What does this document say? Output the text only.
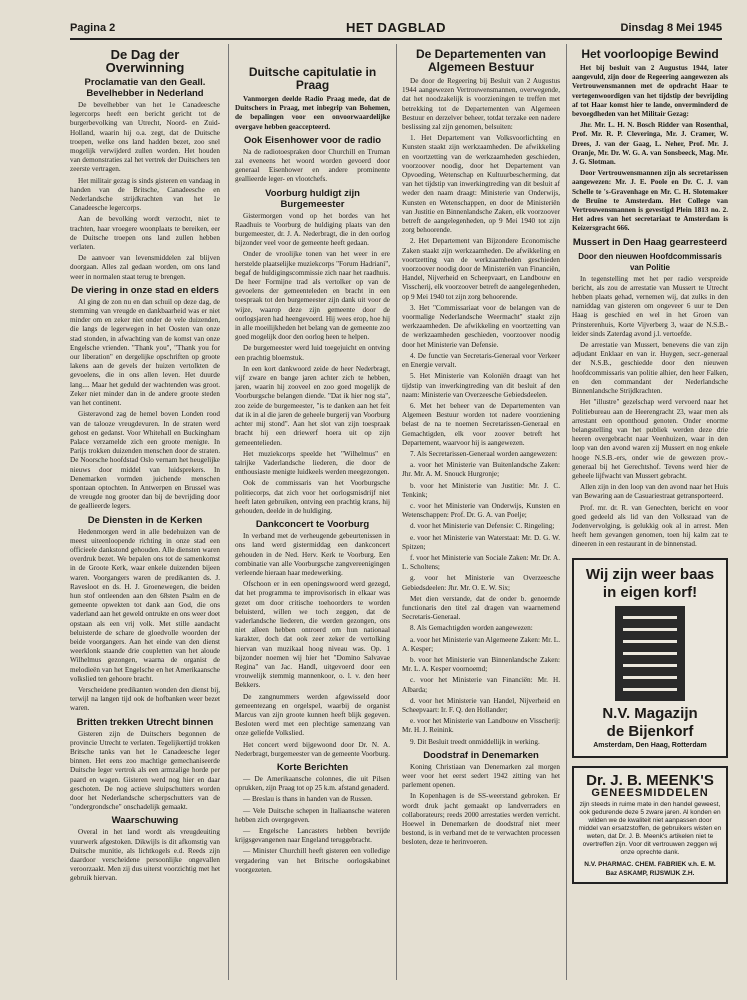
Pagina 2	HET DAGBLAD	Dinsdag 8 Mei 1945
De Dag der Overwinning
Proclamatie van den Geall. Bevelhebber in Nederland

De bevelhebber van het 1e Canadeesche legercorps heeft een bericht gericht tot de burgerbevolking van Utrecht, Noord- en Zuid-Holland, waarin hij o.a. zegt, dat de Duitsche troepen, welke ons land hadden bezet, zoo snel mogelijk verwijderd zullen worden. Het houden van demonstraties zal het vertrek der Duitschers ten zeerste vertragen.

Het militair gezag is sinds gisteren en vandaag in handen van de Britsche, Canadeesche en Nederlandsche strijdkrachten van het 1e Canadeesche legercorps.

Aan de bevolking wordt verzocht, niet te trachten, haar vroegere woonplaats te bereiken, eer de Duitsche troepen ons land zullen hebben verlaten.

De aanvoer van levensmiddelen zal blijven doorgaan. Alles zal gedaan worden, om ons land weer in normalen staat terug te brengen.

De viering in onze stad en elders

Al ging de zon nu en dan schuil op deze dag, de stemming van vreugde en dankbaarheid was er niet minder om en zeker niet onder de vele duizenden, die langs de legerwegen in het Oosten van onze stad stonden, in afwachting van de komst van onze Engelsche vrienden. "Thank you", "Thank you for our liberation" en dergelijke opschriften op groote lakens aan de gevels der huizen vertolkten de gevoelens, die in ons allen leven. Het duurde lang.... Maar het geduld der wachtenden was groot. Zeker niet minder dan in de andere groote steden van het continent.

Gisteravond zag de hemel boven Londen rood van de talooze vreugdevuren. In de straten werd gehost en gedanst. Voor Whitehall en Buckingham Palace verzamelde zich een groote menigte. In Parijs trokken duizenden menschen door de straten. De Noorsche hoofdstad Oslo vernam het heugelijke nieuws door middel van luidsprekers. In Denemarken vormden juichende menschen spontaan optochten. In Antwerpen en Brussel was de vreugde nog grooter dan bij de bevrijding door de geallieerde legers.

De Diensten in de Kerken

Hedenmorgen werd in alle bedehuizen van de meest uiteenloopende richting in onze stad een officieele dankstond gehouden. Alle diensten waren overdruk bezet. We bepalen ons tot de samenkomst in de Groote Kerk, waar enkele duizenden bijeen waren. Voorgangers waren de predikanten ds. J. Ravesloot en ds. H. J. Groenewegen, die beiden hun stof ontleenden aan den 68sten Psalm en de gemeente opwekten tot dank aan God, die ons vaderland aan het geweld ontrukte en ons weer doet opstaan als een vrij volk. Met stille aandacht beluisterde de schare de gloedvolle woorden der beide voorgangers. Aan het einde van den dienst weerklonk staande drie coupletten van het aloude Wilhelmus gezongen, waarna de organist de melodieën van het Engelsche en het Amerikaansche volkslied ten gehoore bracht.

Verscheidene predikanten wonden den dienst bij, terwijl na langen tijd ook de hofbanken weer bezet waren.

Britten trekken Utrecht binnen

Gisteren zijn de Duitschers begonnen de provincie Utrecht te verlaten. Tegelijkertijd trokken Britsche tanks van het 1e Canadeesche leger binnen. Het eens zoo machtige gemechaniseerde Duitsche leger vertrok als een armzalige horde per paard en wagen. Gisteren werd nog hier en daar geschoten. De nog actieve sluipschutters worden door het Nederlandsche scherpschutters van de "ondergrondsche" onschadelijk gemaakt.

Waarschuwing

Overal in het land wordt als vreugdeuiting vuurwerk afgestoken. Dikwijls is dit afkomstig van Duitsche munitie, als lichtkogels e.d. Reeds zijn daardoor verscheidene persoonlijke ongevallen veroorzaakt. Men zij dus uiterst voorzichtig met het gebruik hiervan.

Duitsche capitulatie in Praag

Vanmorgen deelde Radio Praag mede, dat de Duitschers in Praag, met inbegrip van Bohemen, de bepalingen voor een onvoorwaardelijke overgave hebben geaccepteerd.

Ook Eisenhower voor de radio

Na de radiotoespraken door Churchill en Truman zal eveneens het woord worden gevoerd door generaal Eisenhower en andere prominente geallieerde leger- en vlootchefs.

Voorburg huldigt zijn Burgemeester

Gistermorgen vond op het bordes van het Raadhuis te Voorburg de huldiging plaats van den burgemeester, dr. J. A. Nederbragt, die in den oorlog bijzonder veel voor de gemeente heeft gedaan.

Onder de vroolijke tonen van het weer in ere herstelde plaatselijke muziekcorps "Forum Hadriani", begaf de huldigingscommissie zich naar het raadhuis. De heer Formijne trad als vertolker op van de gevoelens der gemeenteleden en bracht in een toespraak tot den burgemeester zijn dank uit voor de wijze, waarop deze zijn gemeente door de oorlogsjaren had heengevoerd. Hij wees erop, hoe hij in alle moeilijkheden het belang van de gemeente zoo goed mogelijk door den oorlog heen te helpen.

De burgemeester werd luid toegejuicht en ontving een prachtig bloemstuk.

In een kort dankwoord zeide de heer Nederbragt, vijf zware en bange jaren achter zich te hebben, jaren, waarin hij zooveel en zoo goed mogelijk de Voorburgsche belangen diende. "Dat ik hier nog sta", zoo zeide de burgemeester, "is te danken aan het feit dat ik in al die jaren de geheele burgerij van Voorburg achter mij stond". Aan het slot van zijn toespraak bracht hij een driewerf hoera uit op zijn gemeentelieden.

Het muziekcorps speelde het "Wilhelmus" en talrijke Vaderlandsche liederen, die door de enthousiaste menigte luidkeels werden meegezongen.

Ook de commissaris van het Voorburgsche politiecorps, dat zich voor het oorlogsmisdrijf niet heeft laten gebruiken, ontving een prachtig krans, hij gehouden, deelde in de huldiging.

Dankconcert te Voorburg

In verband met de verheugende gebeurtenissen in ons land werd gistermiddag een dankconcert gehouden in de Ned. Herv. Kerk te Voorburg. Een combinatie van alle Voorburgsche zangvereenigingen verleende hieraan haar medewerking.

Ofschoon er in een openingswoord werd gezegd, dat het programma te improvisorisch in elkaar was gezet om door critische toehoorders te worden beluisterd, willen we toch zeggen, dat de vaderlandsche liederen, die werden gezongen, ons niet alleen hebben ontroerd om hun nationaal karakter, doch dat ook zeer zeker de vertolking hiervan van muzikaal hoog niveau was. Op. 1 bijzonder noemen wij hier het "Domino Salvavae Regina" van Jac. Handl, uitgevoerd door een vrouwelijk stemmig mannenkoor, o. l. v. den heer Bekkers.

De zangnummers werden afgewisseld door gemeentezang en orgelspel, waarbij de organist Marcus van zijn groote kunnen heeft blijk gegeven. Besloten werd met een plechtige samenzang van onze geliefde Volkslied.

Het concert werd bijgewoond door Dr. N. A. Nederbragt, burgemeester van de gemeente Voorburg.

Korte Berichten

— De Amerikaansche colonnes, die uit Pilsen oprukken, zijn Praag tot op 25 k.m. afstand genaderd.

— Breslau is thans in handen van de Russen.

— Vele Duitsche schepen in Italiaansche wateren hebben zich overgegeven.

— Engelsche Lancasters hebben bevrijde krijgsgevangenen naar Engeland teruggebracht.

— Minister Churchill heeft gisteren een volledige vergadering van het Britsche oorlogskabinet voorgezeten.

De Departementen van Algemeen Bestuur

De door de Regeering bij Besluit van 2 Augustus 1944 aangewezen Vertrouwensmannen, overwegende, dat het noodzakelijk is voorzieningen te treffen met betrekking tot de Departementen van Algemeen Bestuur en derzelver beheer, totdat terzake een nadere beslissing zal zijn genomen, belsuiten:

1. Het Departement van Volksvoorlichting en Kunsten staakt zijn werkzaamheden. De afwikkeling en voortzetting van de werkzaamheden geschieden, voorzoover noodig, door het Departement van Opvoeding, Wetenschap en Kultuurbescherming, dat van het tijdstip van inwerkingtreding van dit besluit af weder den naam draagt: Ministerie van Onderwijs, Kunsten en Wetenschappen, en door de Ministeriën van Justitie en Binnenlandsche Zaken, elk voorzoover betreft de aangelegenheden, op 9 Mei 1940 tot zijn zorg behoorende.

2. Het Departement van Bijzondere Economische Zaken staakt zijn werkzaamheden. De afwikkeling en voortzetting van de werkzaamheden geschieden voorzoover noodig door de Ministeriën van Financiën, Handel, Nijverheid en Scheepvaart, en Landbouw en Visscherij, elk voorzoover betreft de aangelegenheden, op 9 Mei 1940 tot zijn zorg behoorende.

3. Het "Commissariaat voor de belangen van de voormalige Nederlandsche Weermacht" staakt zijn werkzaamheden. De afwikkeling en voortzetting van de werkzaamheden geschieden, voorzoover noodig door het Ministerie van Defensie.

4. De functie van Secretaris-Generaal voor Verkeer en Energie vervalt.

5. Het Ministerie van Koloniën draagt van het tijdstip van inwerkingtreding van dit besluit af den naam: Ministerie van Overzeesche Gebiedsdeelen.

6. Met het beheer van de Departementen van Algemeen Bestuur worden tot nadere voorziening belast de na te noemen Secretarissen-Generaal en Gemachtigden, elk voor zoover betreft het Departement, waarvoor hij is aangewezen.

7. Als Secretarissen-Generaal worden aangewezen:

a. voor het Ministerie van Buitenlandsche Zaken: Jhr. Mr. A. M. Snouck Hurgronje;

b. voor het Ministerie van Justitie: Mr. J. C. Tenkink;

c. voor het Ministerie van Onderwijs, Kunsten en Wetenschappen: Prof. Dr. G. A. van Poelje;

d. voor het Ministerie van Defensie: C. Ringeling;

e. voor het Ministerie van Waterstaat: Mr. D. G. W. Spitzen;

f. voor het Ministerie van Sociale Zaken: Mr. Dr. A. L. Scholtens;

g. voor het Ministerie van Overzeesche Gebiedsdeelen: Jhr. Mr. O. E. W. Six;

Met dien verstande, dat de onder b. genoemde functionaris den titel zal dragen van waarnemend Secretaris-Generaal.

8. Als Gemachtigden worden aangewezen:

a. voor het Ministerie van Algemeene Zaken: Mr. L. A. Kesper;

b. voor het Ministerie van Binnenlandsche Zaken: Mr. L. A. Kesper voornoemd;

c. voor het Ministerie van Financiën: Mr. H. Albarda;

d. voor het Ministerie van Handel, Nijverheid en Scheepvaart: Ir. F. Q. den Hollander;

e. voor het Ministerie van Landbouw en Visscherij: Mr. H. J. Reinink.

9. Dit Besluit treedt onmiddellijk in werking.

Doodstraf in Denemarken

Koning Christiaan van Denemarken zal morgen weer voor het eerst sedert 1942 zitting van het parlement openen.

In Kopenhagen is de SS-weerstand gebroken. Er wordt druk jacht gemaakt op landverraders en collaborateurs; reeds 2000 arrestaties werden verricht. Hoewel in Denemarken de doodstraf niet meer bestond, is in verband met de te verwachten processen besloten, deze te herinvoeren.

Het voorloopige Bewind

Het bij besluit van 2 Augustus 1944, later aangevuld, zijn door de Regeering aangewezen als Vertrouwensmannen met de opdracht Haar te vertegenwoordigen van het tijdstip der bevrijding af tot Haar komst hier te lande, onverminderd de bevoegdheden van het Militair Gezag:

Jhr. Mr. L. H. N. Bosch Ridder van Rosenthal, Prof. Mr. R. P. Cleveringa, Mr. J. Cramer, W. Drees, J. van der Gaag, L. Neher, Prof. Mr. J. Oranje, Mr. Dr. W. G. A. van Sonsbeeck, Mag. Mr. J. G. Slotman.

Door Vertrouwensmannen zijn als secretarissen aangewezen: Mr. J. E. Poole en Dr. C. J. van Schelle te 's-Gravenhage en Mr. C. H. Slotemaker de Bruïne te Amsterdam. Het College van Vertrouwensmannen is gevestigd Plein 1813 no. 2. Het adres van het secretariaat te Amsterdam is Keizersgracht 666.

Mussert in Den Haag gearresteerd
Door den nieuwen Hoofdcommissaris van Politie

In tegenstelling met het per radio verspreide bericht, als zou de arrestatie van Mussert te Utrecht hebben plaats gehad, vernemen wij, dat zulks in den namiddag van gisteren om ongeveer 6 uur te Den Haag is geschied en wel in het Groen van Prinsterenhuis, Korte Vijverberg 3, waar de N.S.B.-leider sinds Zaterdag avond j.l. vertoefde.

De arrestatie van Mussert, benevens die van zijn adjudant Enklaar en van ir. Huygen, secr.-generaal der N.S.B., geschiedde door den nieuwen hoofdcommissaris van politie alhier, den heer Falken, en den commandant der Nederlandsche Binnenlandsche Strijdkrachten.

Het "illustre" gezelschap werd vervoerd naar het Politiebureau aan de Heerengracht 23, waar men als arrestant een oponthoud genoten. Onder enorme belangstelling van het publiek werden deze drie heeren overgebracht naar Veenhuizen, waar in den loop van den avond waren zij Mussert en nog enkele hooge N.S.B.-ers, onder wie de gewezen prov.-generaal bij het Gerechtshof. Tevens werd hier de geheele lijfwacht van Mussert gebracht.

Allen zijn in den loop van den avond naar het Huis van Bewaring aan de Casuariestraat getransporteerd.

Prof. mr. dr. R. van Genechten, bericht en voor goed gedeeld als lid van den Volksraad van de Jodenvervolging, is gelukkig ook al in arrest. Men heeft hem gevangen genomen, toen hij kalm zat te dineeren in een restaurant in de binnenstad.

Wij zijn weer baas
in eigen korf!
N.V. Magazijn
de Bijenkorf
Amsterdam, Den Haag, Rotterdam
Dr. J. B. MEENK'S
GENEESMIDDELEN
zijn steeds in ruime mate in den handel geweest, ook gedurende deze 5 zware jaren. Al konden en wilden we de kwaliteit niet aanpassen door middel van ersatzstoffen, de gebruikers wisten en weten, dat Dr. J. B. Meenk's artikelen niet te overtreffen zijn. Voor dit vertrouwen zeggen wij onze oprechte dank.
N.V. PHARMAC. CHEM. FABRIEK v.h. E. M. Baz ASKAMP, RIJSWIJK Z.H.
